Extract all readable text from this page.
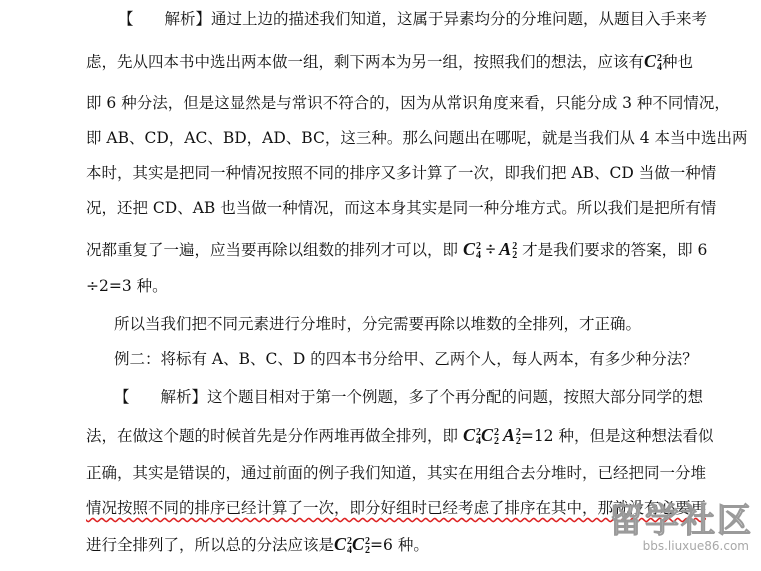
【　　解析】通过上边的描述我们知道，这属于异素均分的分堆问题，从题目入手来考
虑，先从四本书中选出两本做一组，剩下两本为另一组，按照我们的想法，应该有C 2
4 种也
即 6 种分法，但是这显然是与常识不符合的，因为从常识角度来看，只能分成 3 种不同情况，
即 AB、CD，AC、BD，AD、BC，这三种。那么问题出在哪呢，就是当我们从 4 本当中选出两
本时，其实是把同一种情况按照不同的排序又多计算了一次，即我们把 AB、CD 当做一种情
况，还把 CD、AB 也当做一种情况，而这本身其实是同一种分堆方式。所以我们是把所有情
况都重复了一遍，应当要再除以组数的排列才可以，即 C 2
4 ÷ A 2
2 才是我们要求的答案，即 6
÷2=3 种。
所以当我们把不同元素进行分堆时，分完需要再除以堆数的全排列，才正确。
例二：将标有 A、B、C、D 的四本书分给甲、乙两个人，每人两本，有多少种分法？
【　　解析】这个题目相对于第一个例题，多了个再分配的问题，按照大部分同学的想
法，在做这个题的时候首先是分作两堆再做全排列，即 C 2
4 C 2
2 A 2
2 =12 种，但是这种想法看似
正确，其实是错误的，通过前面的例子我们知道，其实在用组合去分堆时，已经把同一分堆
情况按照不同的排序已经计算了一次，即分好组时已经考虑了排序在其中，那就没有必要再
进行全排列了，所以总的分法应该是C 2
4 C 2
2 =6 种。
留学社区
bbs.liuxue86.com
